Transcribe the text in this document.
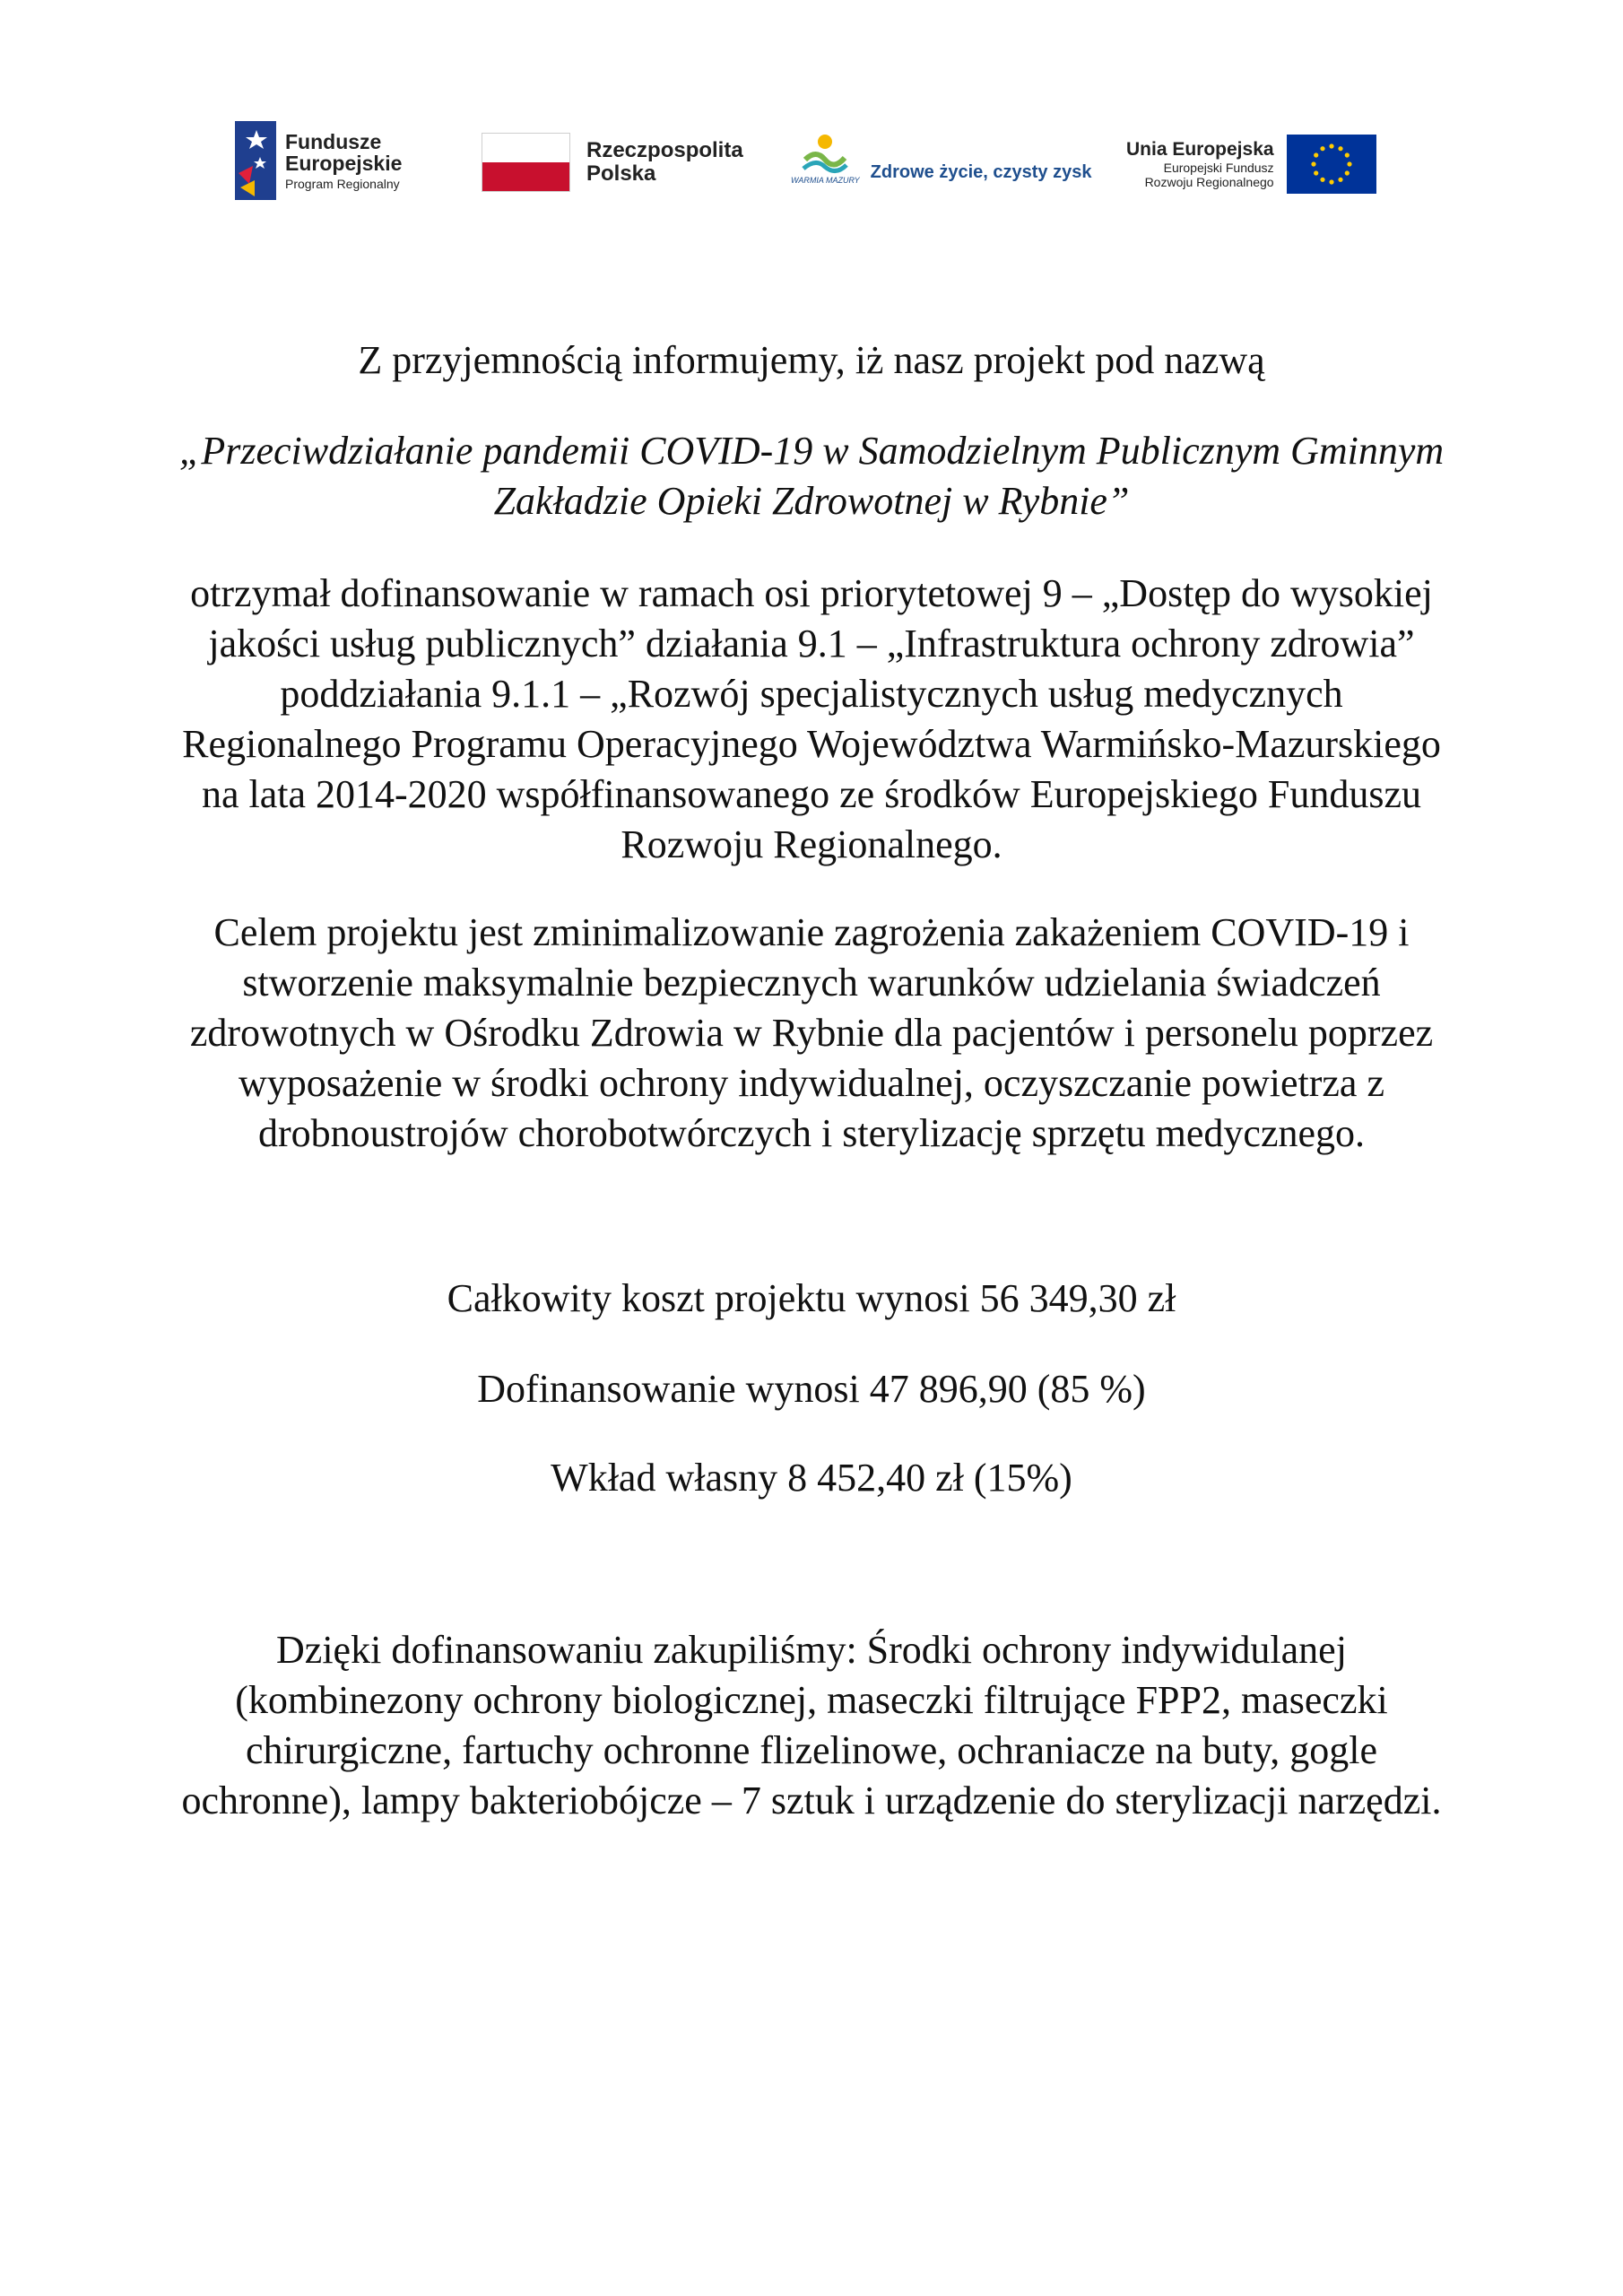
Fundusze
Europejskie
Program Regionalny
Rzeczpospolita
Polska	WARMIA MAZURY Zdrowe życie, czysty zysk
Unia Europejska
Europejski Fundusz
Rozwoju Regionalnego

Z przyjemnością informujemy, iż nasz projekt pod nazwą

„Przeciwdziałanie pandemii COVID-19 w Samodzielnym Publicznym Gminnym
Zakładzie Opieki Zdrowotnej w Rybnie”

otrzymał dofinansowanie w ramach osi priorytetowej 9 – „Dostęp do wysokiej
jakości usług publicznych” działania 9.1 – „Infrastruktura ochrony zdrowia”
poddziałania 9.1.1 – „Rozwój specjalistycznych usług medycznych
Regionalnego Programu Operacyjnego Województwa Warmińsko-Mazurskiego
na lata 2014-2020 współfinansowanego ze środków Europejskiego Funduszu
Rozwoju Regionalnego.

Celem projektu jest zminimalizowanie zagrożenia zakażeniem COVID-19 i
stworzenie maksymalnie bezpiecznych warunków udzielania świadczeń
zdrowotnych w Ośrodku Zdrowia w Rybnie dla pacjentów i personelu poprzez
wyposażenie w środki ochrony indywidualnej, oczyszczanie powietrza z
drobnoustrojów chorobotwórczych i sterylizację sprzętu medycznego.

Całkowity koszt projektu wynosi 56 349,30 zł

Dofinansowanie wynosi 47 896,90 (85 %)

Wkład własny 8 452,40 zł (15%)

Dzięki dofinansowaniu zakupiliśmy: Środki ochrony indywidulanej
(kombinezony ochrony biologicznej, maseczki filtrujące FPP2, maseczki
chirurgiczne, fartuchy ochronne flizelinowe, ochraniacze na buty, gogle
ochronne), lampy bakteriobójcze – 7 sztuk i urządzenie do sterylizacji narzędzi.
